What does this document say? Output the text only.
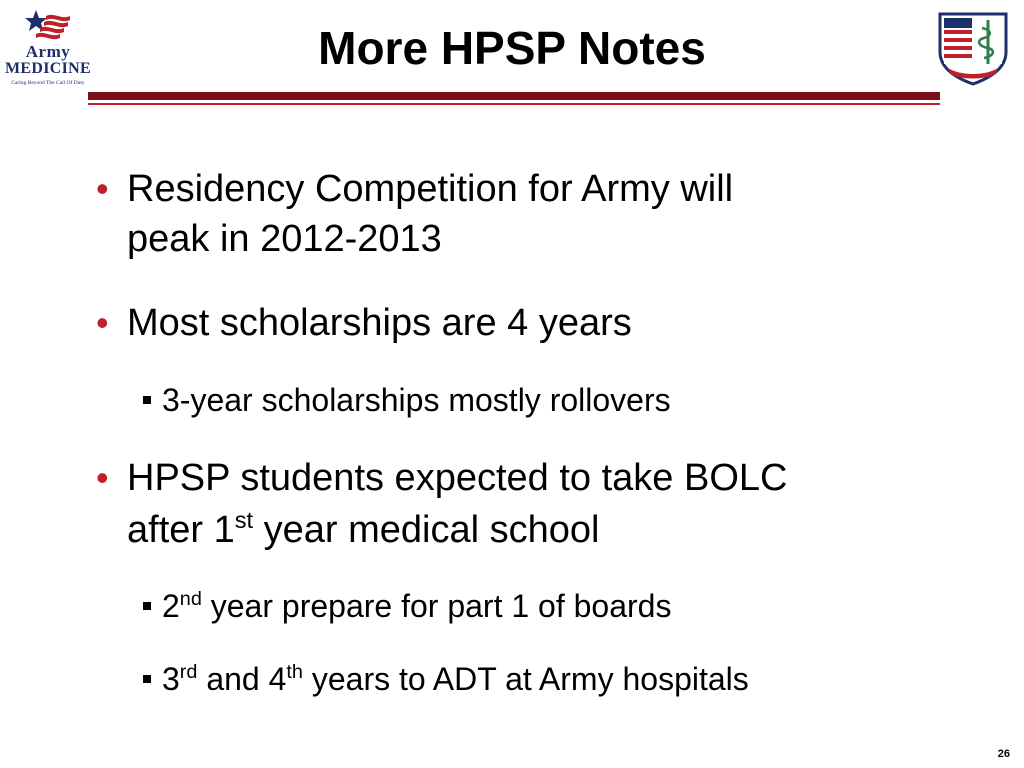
Army
MEDICINE
Caring Beyond The Call Of Duty
More HPSP Notes
• Residency Competition for Army will
peak in 2012-2013
• Most scholarships are 4 years
3-year scholarships mostly rollovers
• HPSP students expected to take BOLC
after 1st year medical school
2nd year prepare for part 1 of boards
3rd and 4th years to ADT at Army hospitals
26
